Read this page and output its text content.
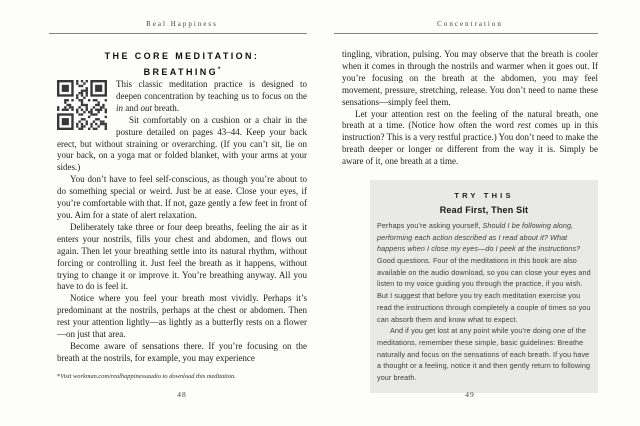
Real Happiness
THE CORE MEDITATION:
BREATHING*

This classic meditation practice is designed to deepen concentration by teaching us to focus on the in and out breath.

Sit comfortably on a cushion or a chair in the posture detailed on pages 43–44. Keep your back erect, but without straining or overarching. (If you can’t sit, lie on your back, on a yoga mat or folded blanket, with your arms at your sides.)

You don’t have to feel self-conscious, as though you’re about to do something special or weird. Just be at ease. Close your eyes, if you’re comfortable with that. If not, gaze gently a few feet in front of you. Aim for a state of alert relaxation.

Deliberately take three or four deep breaths, feeling the air as it enters your nostrils, fills your chest and abdomen, and flows out again. Then let your breathing settle into its natural rhythm, without forcing or controlling it. Just feel the breath as it happens, without trying to change it or improve it. You’re breathing anyway. All you have to do is feel it.

Notice where you feel your breath most vividly. Perhaps it’s predominant at the nostrils, perhaps at the chest or abdomen. Then rest your attention lightly—as lightly as a butterfly rests on a flower—on just that area.

Become aware of sensations there. If you’re focusing on the breath at the nostrils, for example, you may experience

*Visit workman.com/realhappinessaudio to download this meditation.
48
Concentration

tingling, vibration, pulsing. You may observe that the breath is cooler when it comes in through the nostrils and warmer when it goes out. If you’re focusing on the breath at the abdomen, you may feel movement, pressure, stretching, release. You don’t need to name these sensations—simply feel them.

Let your attention rest on the feeling of the natural breath, one breath at a time. (Notice how often the word rest comes up in this instruction? This is a very restful practice.) You don’t need to make the breath deeper or longer or different from the way it is. Simply be aware of it, one breath at a time.

TRY THIS
Read First, Then Sit

Perhaps you’re asking yourself, Should I be following along, performing each action described as I read about it? What happens when I close my eyes—do I peek at the instructions? Good questions. Four of the meditations in this book are also available on the audio download, so you can close your eyes and listen to my voice guiding you through the practice, if you wish. But I suggest that before you try each meditation exercise you read the instructions through completely a couple of times so you can absorb them and know what to expect.

And if you get lost at any point while you’re doing one of the meditations, remember these simple, basic guidelines: Breathe naturally and focus on the sensations of each breath. If you have a thought or a feeling, notice it and then gently return to following your breath.

49
